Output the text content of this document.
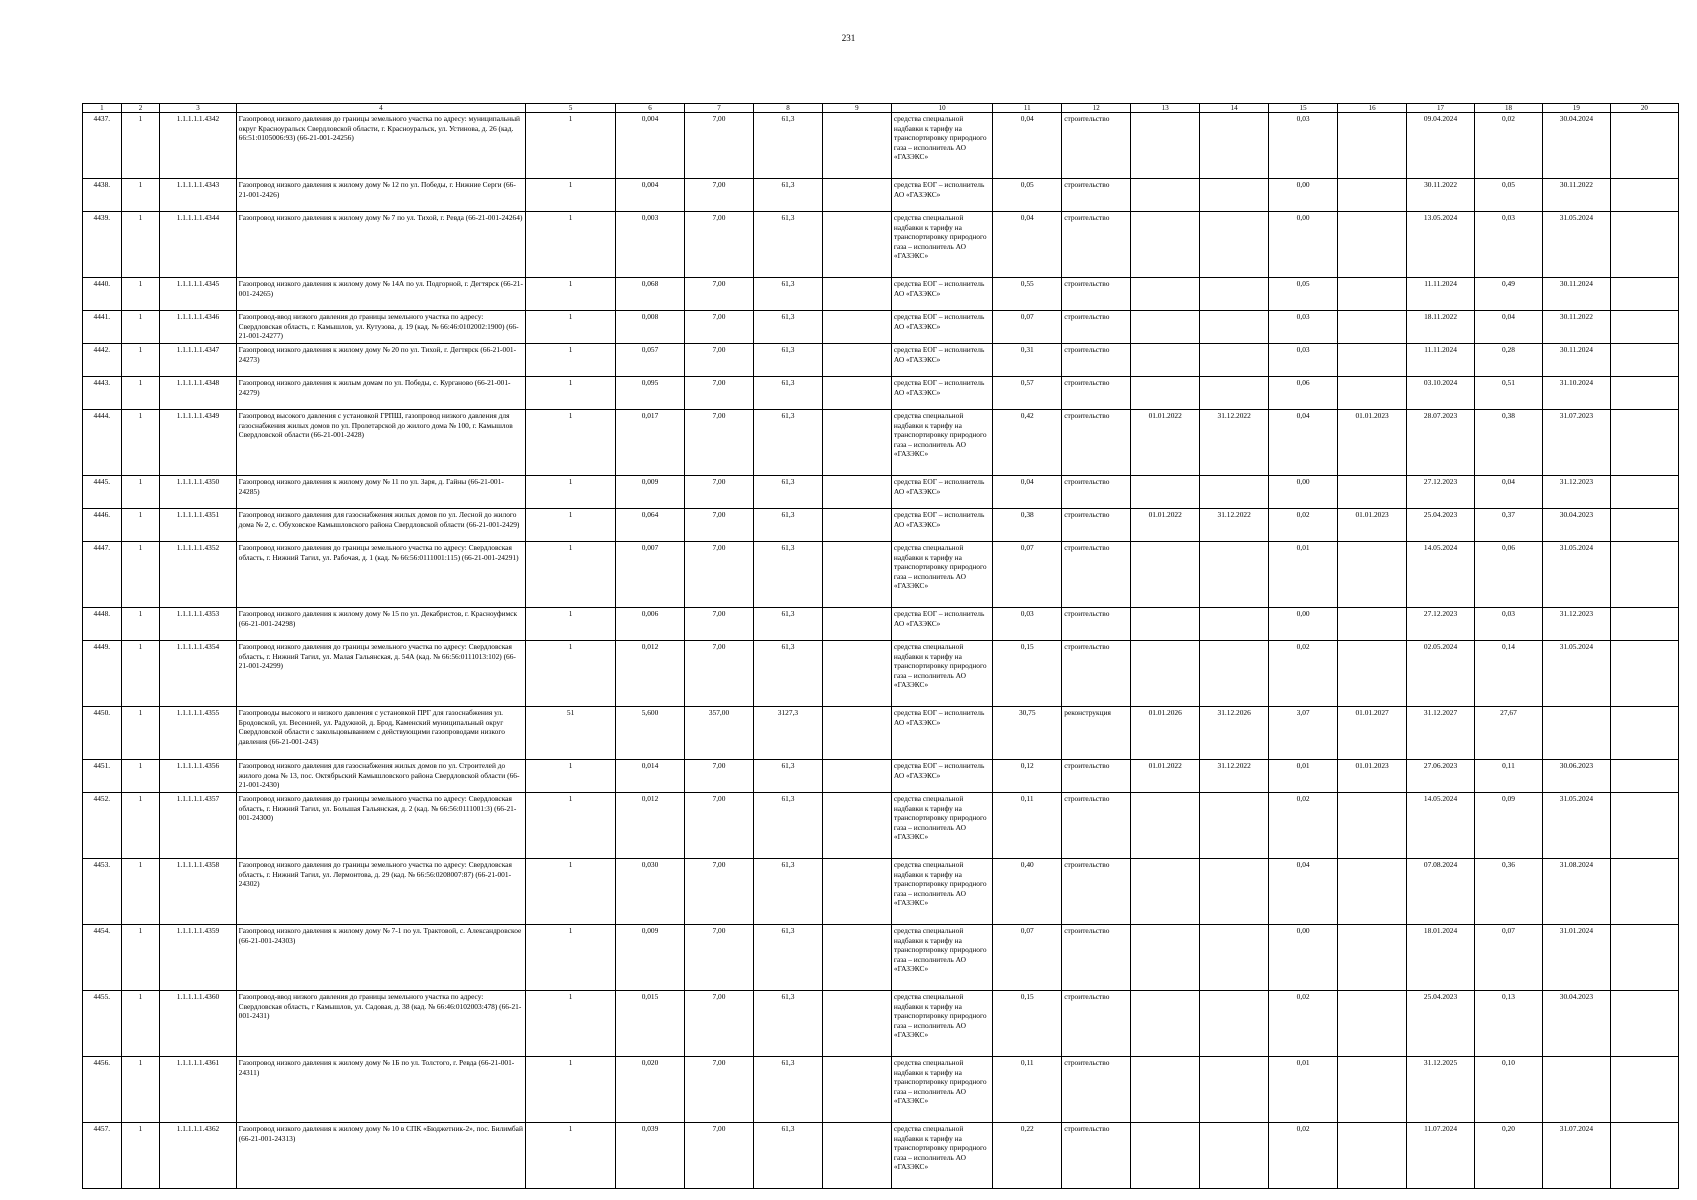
231
1	2	3	4	5	6	7	8	9	10	11	12	13	14	15	16	17	18	19	20
4437.	1	1.1.1.1.1.4342	Газопровод низкого давления до границы земельного участка по адресу: муниципальный округ Красноуральск Свердловской области, г. Красноуральск, ул. Устинова, д. 26 (кад. 66:51:0105006:93) (66-21-001-24256)	1	0,004	7,00	61,3		средства специальной надбавки к тарифу на транспортировку природного газа – исполнитель АО «ГАЗЭКС»	0,04	строительство			0,03		09.04.2024	0,02	30.04.2024	
4438.	1	1.1.1.1.1.4343	Газопровод низкого давления к жилому дому № 12 по ул. Победы, г. Нижние Серги (66-21-001-2426)	1	0,004	7,00	61,3		средства ЕОГ – исполнитель АО «ГАЗЭКС»	0,05	строительство			0,00		30.11.2022	0,05	30.11.2022	
4439.	1	1.1.1.1.1.4344	Газопровод низкого давления к жилому дому № 7 по ул. Тихой, г. Ревда (66-21-001-24264)	1	0,003	7,00	61,3		средства специальной надбавки к тарифу на транспортировку природного газа – исполнитель АО «ГАЗЭКС»	0,04	строительство			0,00		13.05.2024	0,03	31.05.2024	
4440.	1	1.1.1.1.1.4345	Газопровод низкого давления к жилому дому № 14А по ул. Подгорной, г. Дегтярск (66-21-001-24265)	1	0,068	7,00	61,3		средства ЕОГ – исполнитель АО «ГАЗЭКС»	0,55	строительство			0,05		11.11.2024	0,49	30.11.2024	
4441.	1	1.1.1.1.1.4346	Газопровод-ввод низкого давления до границы земельного участка по адресу: Свердловская область, г. Камышлов, ул. Кутузова, д. 19 (кад. № 66:46:0102002:1900) (66-21-001-24277)	1	0,008	7,00	61,3		средства ЕОГ – исполнитель АО «ГАЗЭКС»	0,07	строительство			0,03		18.11.2022	0,04	30.11.2022	
4442.	1	1.1.1.1.1.4347	Газопровод низкого давления к жилому дому № 20 по ул. Тихой, г. Дегтярск (66-21-001-24273)	1	0,057	7,00	61,3		средства ЕОГ – исполнитель АО «ГАЗЭКС»	0,31	строительство			0,03		11.11.2024	0,28	30.11.2024	
4443.	1	1.1.1.1.1.4348	Газопровод низкого давления к жилым домам по ул. Победы, с. Курганово (66-21-001-24279)	1	0,095	7,00	61,3		средства ЕОГ – исполнитель АО «ГАЗЭКС»	0,57	строительство			0,06		03.10.2024	0,51	31.10.2024	
4444.	1	1.1.1.1.1.4349	Газопровод высокого давления с установкой ГРПШ, газопровод низкого давления для газоснабжения жилых домов по ул. Пролетарской до жилого дома № 100, г. Камышлов Свердловской области (66-21-001-2428)	1	0,017	7,00	61,3		средства специальной надбавки к тарифу на транспортировку природного газа – исполнитель АО «ГАЗЭКС»	0,42	строительство	01.01.2022	31.12.2022	0,04	01.01.2023	28.07.2023	0,38	31.07.2023	
4445.	1	1.1.1.1.1.4350	Газопровод низкого давления к жилому дому № 11 по ул. Заря, д. Гайны (66-21-001-24285)	1	0,009	7,00	61,3		средства ЕОГ – исполнитель АО «ГАЗЭКС»	0,04	строительство			0,00		27.12.2023	0,04	31.12.2023	
4446.	1	1.1.1.1.1.4351	Газопровод низкого давления для газоснабжения жилых домов по ул. Лесной до жилого дома № 2, с. Обуховское Камышловского района Свердловской области (66-21-001-2429)	1	0,064	7,00	61,3		средства ЕОГ – исполнитель АО «ГАЗЭКС»	0,38	строительство	01.01.2022	31.12.2022	0,02	01.01.2023	25.04.2023	0,37	30.04.2023	
4447.	1	1.1.1.1.1.4352	Газопровод низкого давления до границы земельного участка по адресу: Свердловская область, г. Нижний Тагил, ул. Рабочая, д. 1 (кад. № 66:56:0111001:115) (66-21-001-24291)	1	0,007	7,00	61,3		средства специальной надбавки к тарифу на транспортировку природного газа – исполнитель АО «ГАЗЭКС»	0,07	строительство			0,01		14.05.2024	0,06	31.05.2024	
4448.	1	1.1.1.1.1.4353	Газопровод низкого давления к жилому дому № 15 по ул. Декабристов, г. Красноуфимск (66-21-001-24298)	1	0,006	7,00	61,3		средства ЕОГ – исполнитель АО «ГАЗЭКС»	0,03	строительство			0,00		27.12.2023	0,03	31.12.2023	
4449.	1	1.1.1.1.1.4354	Газопровод низкого давления до границы земельного участка по адресу: Свердловская область, г. Нижний Тагил, ул. Малая Гальянская, д. 54А (кад. № 66:56:0111013:102) (66-21-001-24299)	1	0,012	7,00	61,3		средства специальной надбавки к тарифу на транспортировку природного газа – исполнитель АО «ГАЗЭКС»	0,15	строительство			0,02		02.05.2024	0,14	31.05.2024	
4450.	1	1.1.1.1.1.4355	Газопроводы высокого и низкого давления с установкой ПРГ для газоснабжения ул. Бродовской, ул. Весенней, ул. Радужной, д. Брод, Каменский муниципальный округ Свердловской области с закольцовыванием с действующими газопроводами низкого давления (66-21-001-243)	51	5,600	357,00	3127,3		средства ЕОГ – исполнитель АО «ГАЗЭКС»	30,75	реконструкция	01.01.2026	31.12.2026	3,07	01.01.2027	31.12.2027	27,67		
4451.	1	1.1.1.1.1.4356	Газопровод низкого давления для газоснабжения жилых домов по ул. Строителей до жилого дома № 13, пос. Октябрьский Камышловского района Свердловской области (66-21-001-2430)	1	0,014	7,00	61,3		средства ЕОГ – исполнитель АО «ГАЗЭКС»	0,12	строительство	01.01.2022	31.12.2022	0,01	01.01.2023	27.06.2023	0,11	30.06.2023	
4452.	1	1.1.1.1.1.4357	Газопровод низкого давления до границы земельного участка по адресу: Свердловская область, г. Нижний Тагил, ул. Большая Гальянская, д. 2 (кад. № 66:56:0111001:3) (66-21-001-24300)	1	0,012	7,00	61,3		средства специальной надбавки к тарифу на транспортировку природного газа – исполнитель АО «ГАЗЭКС»	0,11	строительство			0,02		14.05.2024	0,09	31.05.2024	
4453.	1	1.1.1.1.1.4358	Газопровод низкого давления до границы земельного участка по адресу: Свердловская область, г. Нижний Тагил, ул. Лермонтова, д. 29 (кад. № 66:56:0208007:87) (66-21-001-24302)	1	0,030	7,00	61,3		средства специальной надбавки к тарифу на транспортировку природного газа – исполнитель АО «ГАЗЭКС»	0,40	строительство			0,04		07.08.2024	0,36	31.08.2024	
4454.	1	1.1.1.1.1.4359	Газопровод низкого давления к жилому дому № 7-1 по ул. Трактовой, с. Александровское (66-21-001-24303)	1	0,009	7,00	61,3		средства специальной надбавки к тарифу на транспортировку природного газа – исполнитель АО «ГАЗЭКС»	0,07	строительство			0,00		18.01.2024	0,07	31.01.2024	
4455.	1	1.1.1.1.1.4360	Газопровод-ввод низкого давления до границы земельного участка по адресу: Свердловская область, г Камышлов, ул. Садовая, д. 38 (кад. № 66:46:0102003:478) (66-21-001-2431)	1	0,015	7,00	61,3		средства специальной надбавки к тарифу на транспортировку природного газа – исполнитель АО «ГАЗЭКС»	0,15	строительство			0,02		25.04.2023	0,13	30.04.2023	
4456.	1	1.1.1.1.1.4361	Газопровод низкого давления к жилому дому № 1Б по ул. Толстого, г. Ревда (66-21-001-24311)	1	0,020	7,00	61,3		средства специальной надбавки к тарифу на транспортировку природного газа – исполнитель АО «ГАЗЭКС»	0,11	строительство			0,01		31.12.2025	0,10		
4457.	1	1.1.1.1.1.4362	Газопровод низкого давления к жилому дому № 10 в СПК «Бюджетник-2», пос. Билимбай (66-21-001-24313)	1	0,039	7,00	61,3		средства специальной надбавки к тарифу на транспортировку природного газа – исполнитель АО «ГАЗЭКС»	0,22	строительство			0,02		11.07.2024	0,20	31.07.2024	
